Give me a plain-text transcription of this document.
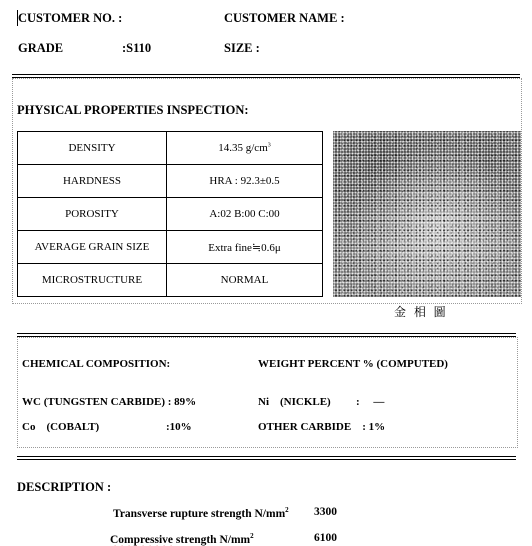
CUSTOMER NO. :	CUSTOMER NAME :
GRADE	:S110	SIZE :
PHYSICAL PROPERTIES INSPECTION:
DENSITY	14.35 $g/cm^3$
HARDNESS	HRA : 92.3±0.5
POROSITY	A:02 B:00 C:00
AVERAGE GRAIN SIZE	Extra fine≒0.6μ
MICROSTRUCTURE	NORMAL
金 相 圖
CHEMICAL COMPOSITION:	WEIGHT PERCENT % (COMPUTED)
WC (TUNGSTEN CARBIDE) : 89%	Ni    (NICKLE) :     —
Co    (COBALT)	:10%	OTHER CARBIDE    : 1%
DESCRIPTION :
Transverse rupture strength $N/mm^2$ 3300
Compressive strength $N/mm^2$	6100
